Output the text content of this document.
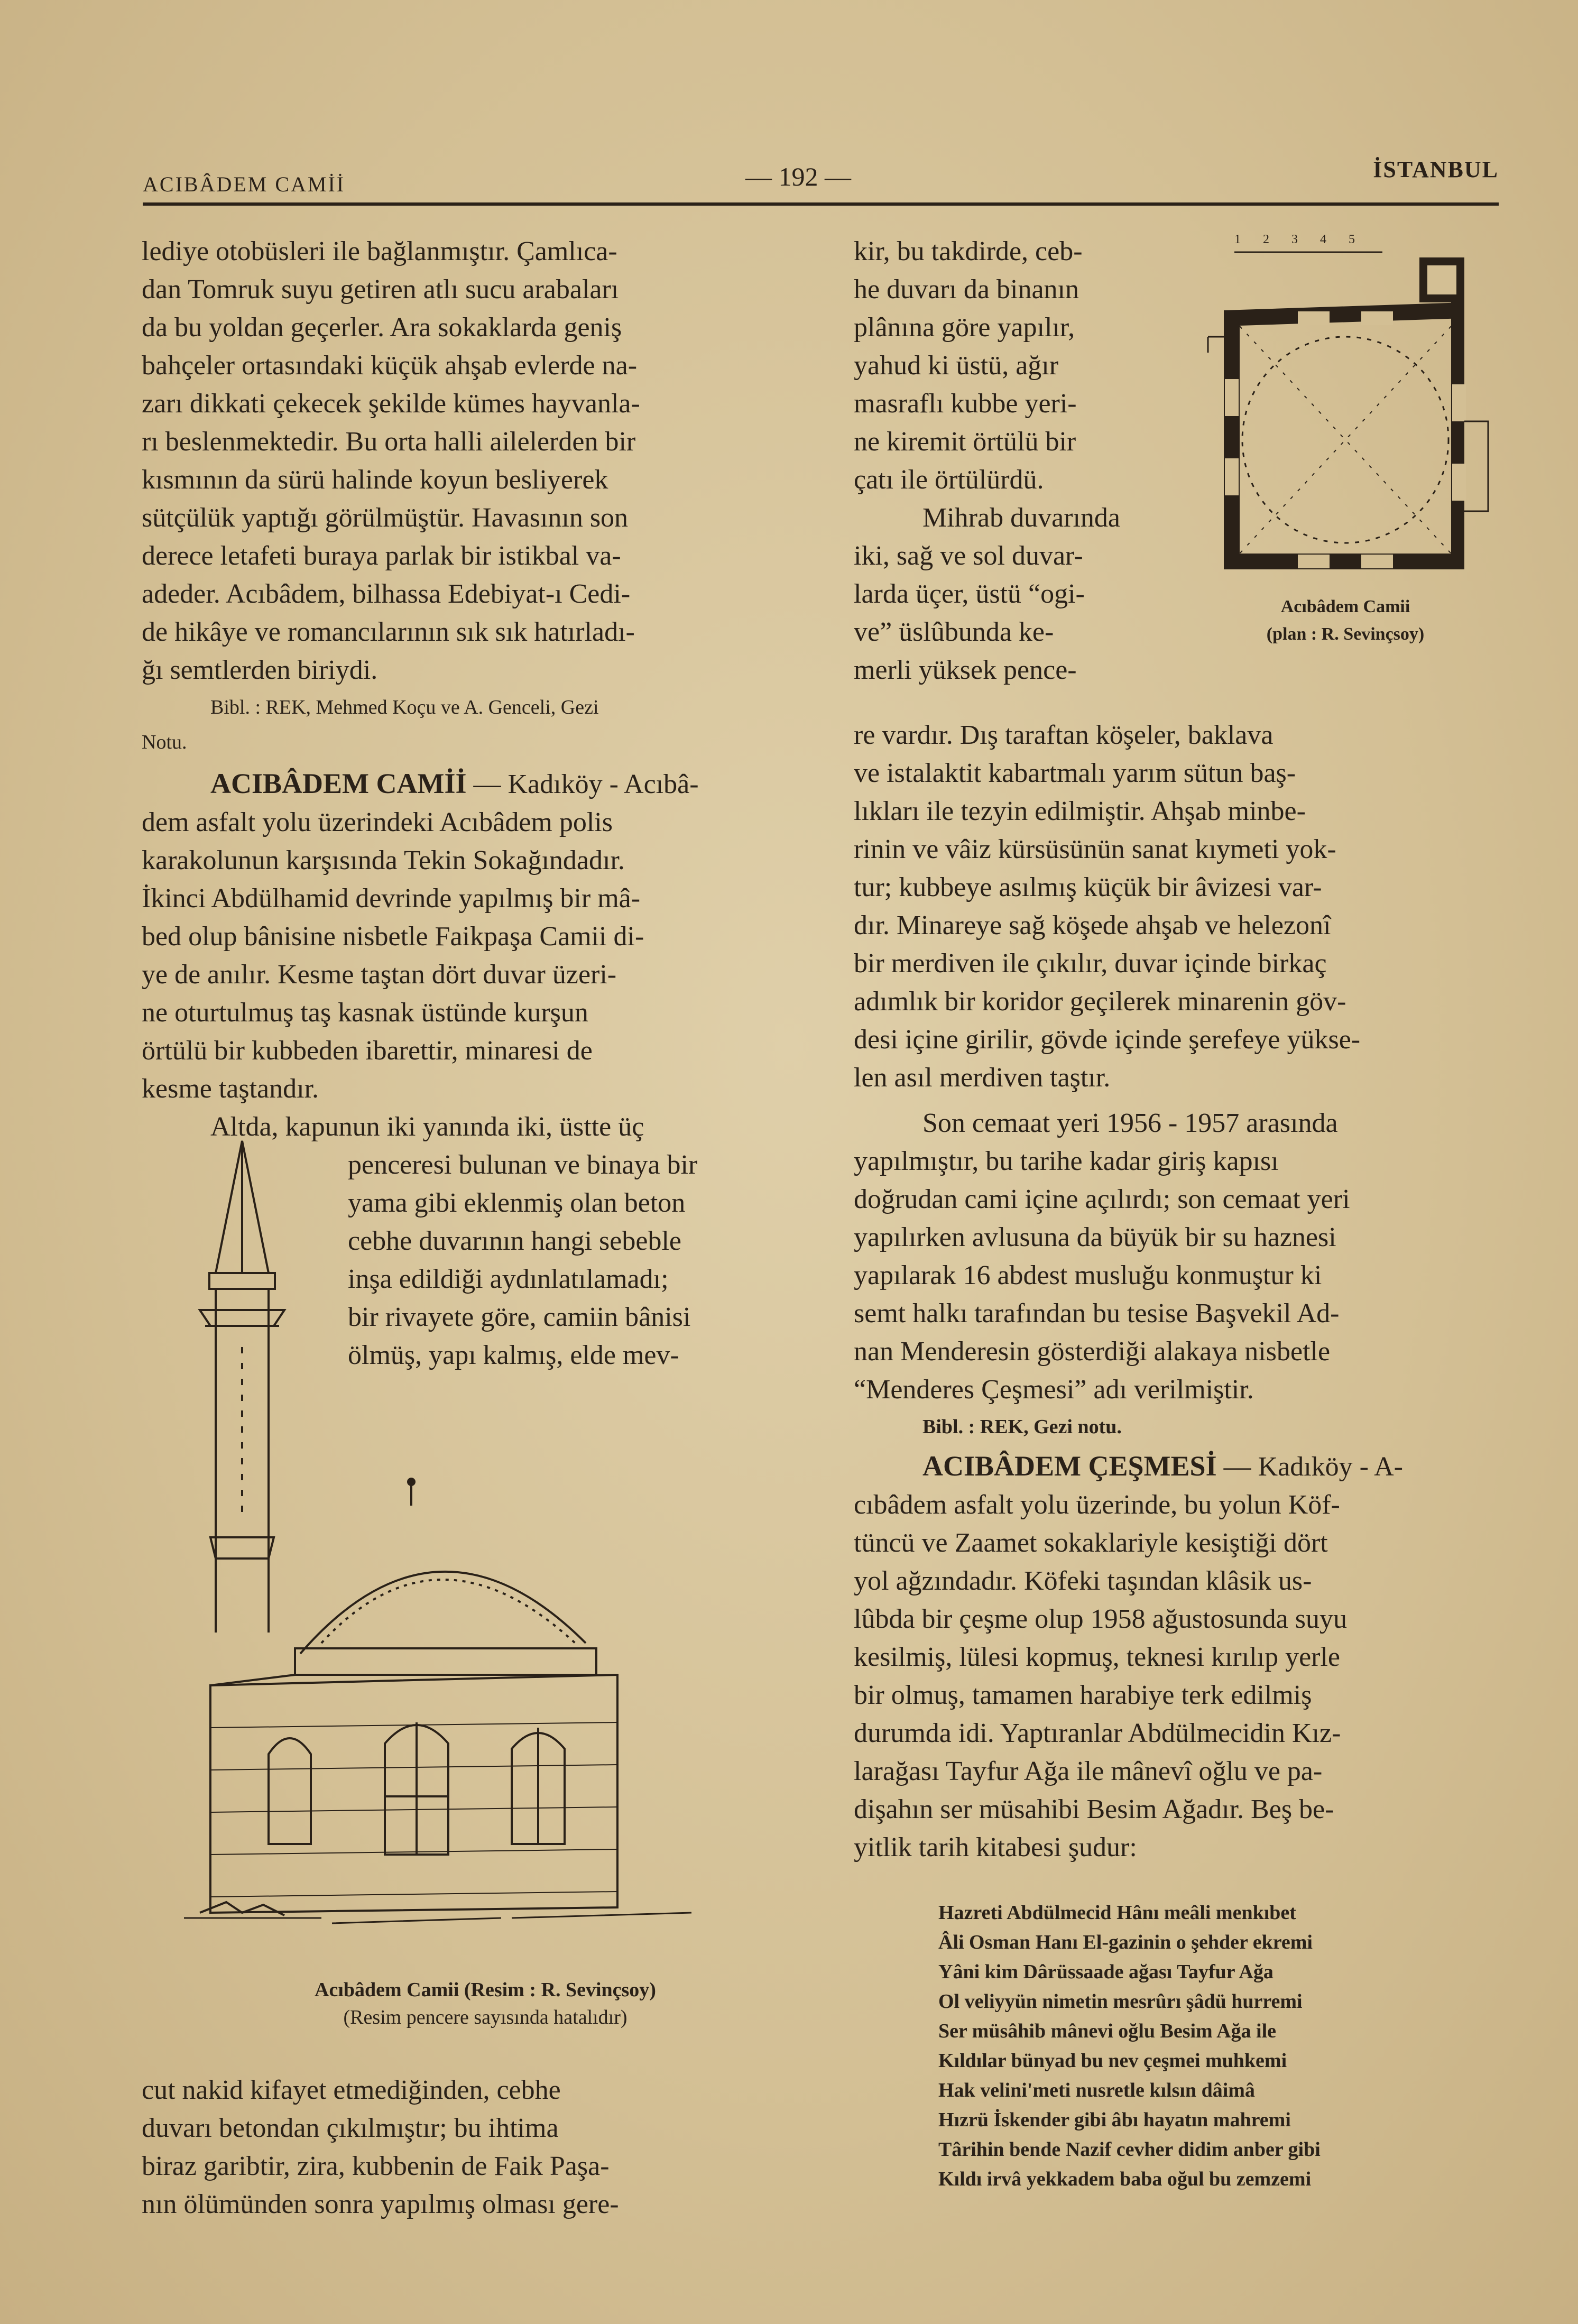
ACIBÂDEM CAMİİ	— 192 —	İSTANBUL

lediye otobüsleri ile bağlanmıştır. Çamlıca-

dan Tomruk suyu getiren atlı sucu arabaları

da bu yoldan geçerler. Ara sokaklarda geniş

bahçeler ortasındaki küçük ahşab evlerde na-

zarı dikkati çekecek şekilde kümes hayvanla-

rı beslenmektedir. Bu orta halli ailelerden bir

kısmının da sürü halinde koyun besliyerek

sütçülük yaptığı görülmüştür. Havasının son

derece letafeti buraya parlak bir istikbal va-

adeder. Acıbâdem, bilhassa Edebiyat-ı Cedi-

de hikâye ve romancılarının sık sık hatırladı-

ğı semtlerden biriydi.

Bibl. : REK, Mehmed Koçu ve A. Genceli, Gezi

Notu.

ACIBÂDEM CAMİİ — Kadıköy - Acıbâ-

dem asfalt yolu üzerindeki Acıbâdem polis

karakolunun karşısında Tekin Sokağındadır.

İkinci Abdülhamid devrinde yapılmış bir mâ-

bed olup bânisine nisbetle Faikpaşa Camii di-

ye de anılır. Kesme taştan dört duvar üzeri-

ne oturtulmuş taş kasnak üstünde kurşun

örtülü bir kubbeden ibarettir, minaresi de

kesme taştandır.

Altda, kapunun iki yanında iki, üstte üç

penceresi bulunan ve binaya bir

yama gibi eklenmiş olan beton

cebhe duvarının hangi sebeble

inşa edildiği aydınlatılamadı;

bir rivayete göre, camiin bânisi

ölmüş, yapı kalmış, elde mev-

Acıbâdem Camii (Resim : R. Sevinçsoy)
(Resim pencere sayısında hatalıdır)

cut nakid kifayet etmediğinden, cebhe

duvarı betondan çıkılmıştır; bu ihtima

biraz garibtir, zira, kubbenin de Faik Paşa-

nın ölümünden sonra yapılmış olması gere-

kir, bu takdirde, ceb-

he duvarı da binanın

plânına göre yapılır,

yahud ki üstü, ağır

masraflı kubbe yeri-

ne kiremit örtülü bir

çatı ile örtülürdü.

Mihrab duvarında

iki, sağ ve sol duvar-

larda üçer, üstü “ogi-

ve” üslûbunda ke-

merli yüksek pence-

1 2 3 4 5
Acıbâdem Camii
(plan : R. Sevinçsoy)

re vardır. Dış taraftan köşeler, baklava

ve istalaktit kabartmalı yarım sütun baş-

lıkları ile tezyin edilmiştir. Ahşab minbe-

rinin ve vâiz kürsüsünün sanat kıymeti yok-

tur; kubbeye asılmış küçük bir âvizesi var-

dır. Minareye sağ köşede ahşab ve helezonî

bir merdiven ile çıkılır, duvar içinde birkaç

adımlık bir koridor geçilerek minarenin göv-

desi içine girilir, gövde içinde şerefeye yükse-

len asıl merdiven taştır.

Son cemaat yeri 1956 - 1957 arasında

yapılmıştır, bu tarihe kadar giriş kapısı

doğrudan cami içine açılırdı; son cemaat yeri

yapılırken avlusuna da büyük bir su haznesi

yapılarak 16 abdest musluğu konmuştur ki

semt halkı tarafından bu tesise Başvekil Ad-

nan Menderesin gösterdiği alakaya nisbetle

“Menderes Çeşmesi” adı verilmiştir.

Bibl. : REK, Gezi notu.

ACIBÂDEM ÇEŞMESİ — Kadıköy - A-

cıbâdem asfalt yolu üzerinde, bu yolun Köf-

tüncü ve Zaamet sokaklariyle kesiştiği dört

yol ağzındadır. Köfeki taşından klâsik us-

lûbda bir çeşme olup 1958 ağustosunda suyu

kesilmiş, lülesi kopmuş, teknesi kırılıp yerle

bir olmuş, tamamen harabiye terk edilmiş

durumda idi. Yaptıranlar Abdülmecidin Kız-

larağası Tayfur Ağa ile mânevî oğlu ve pa-

dişahın ser müsahibi Besim Ağadır. Beş be-

yitlik tarih kitabesi şudur:

Hazreti Abdülmecid Hânı meâli menkıbet
Âli Osman Hanı El-gazinin o şehder ekremi
Yâni kim Dârüssaade ağası Tayfur Ağa
Ol veliyyün nimetin mesrûrı şâdü hurremi
Ser müsâhib mânevi oğlu Besim Ağa ile
Kıldılar bünyad bu nev çeşmei muhkemi
Hak velini'meti nusretle kılsın dâimâ
Hızrü İskender gibi âbı hayatın mahremi
Târihin bende Nazif cevher didim anber gibi
Kıldı irvâ yekkadem baba oğul bu zemzemi
